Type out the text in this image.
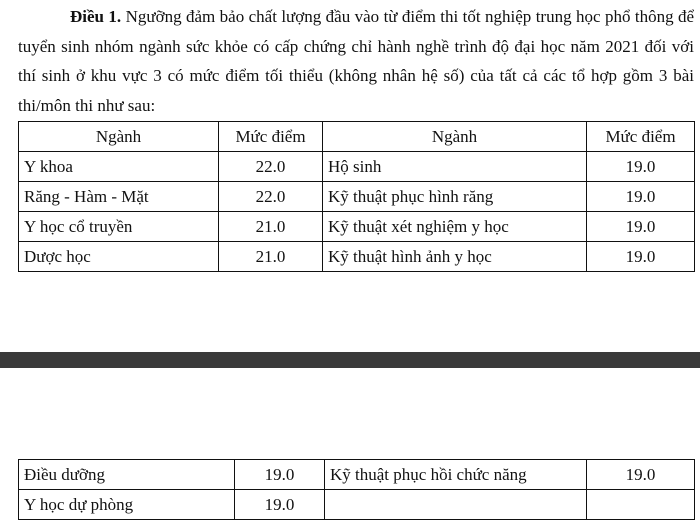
Điều 1. Ngưỡng đảm bảo chất lượng đầu vào từ điểm thi tốt nghiệp trung học phổ thông để tuyển sinh nhóm ngành sức khỏe có cấp chứng chỉ hành nghề trình độ đại học năm 2021 đối với thí sinh ở khu vực 3 có mức điểm tối thiểu (không nhân hệ số) của tất cả các tổ hợp gồm 3 bài thi/môn thi như sau:

Ngành	Mức điểm	Ngành	Mức điểm
Y khoa	22.0	Hộ sinh	19.0
Răng - Hàm - Mặt	22.0	Kỹ thuật phục hình răng	19.0
Y học cổ truyền	21.0	Kỹ thuật xét nghiệm y học	19.0
Dược học	21.0	Kỹ thuật hình ảnh y học	19.0
Điều dưỡng	19.0	Kỹ thuật phục hồi chức năng	19.0
Y học dự phòng	19.0		
